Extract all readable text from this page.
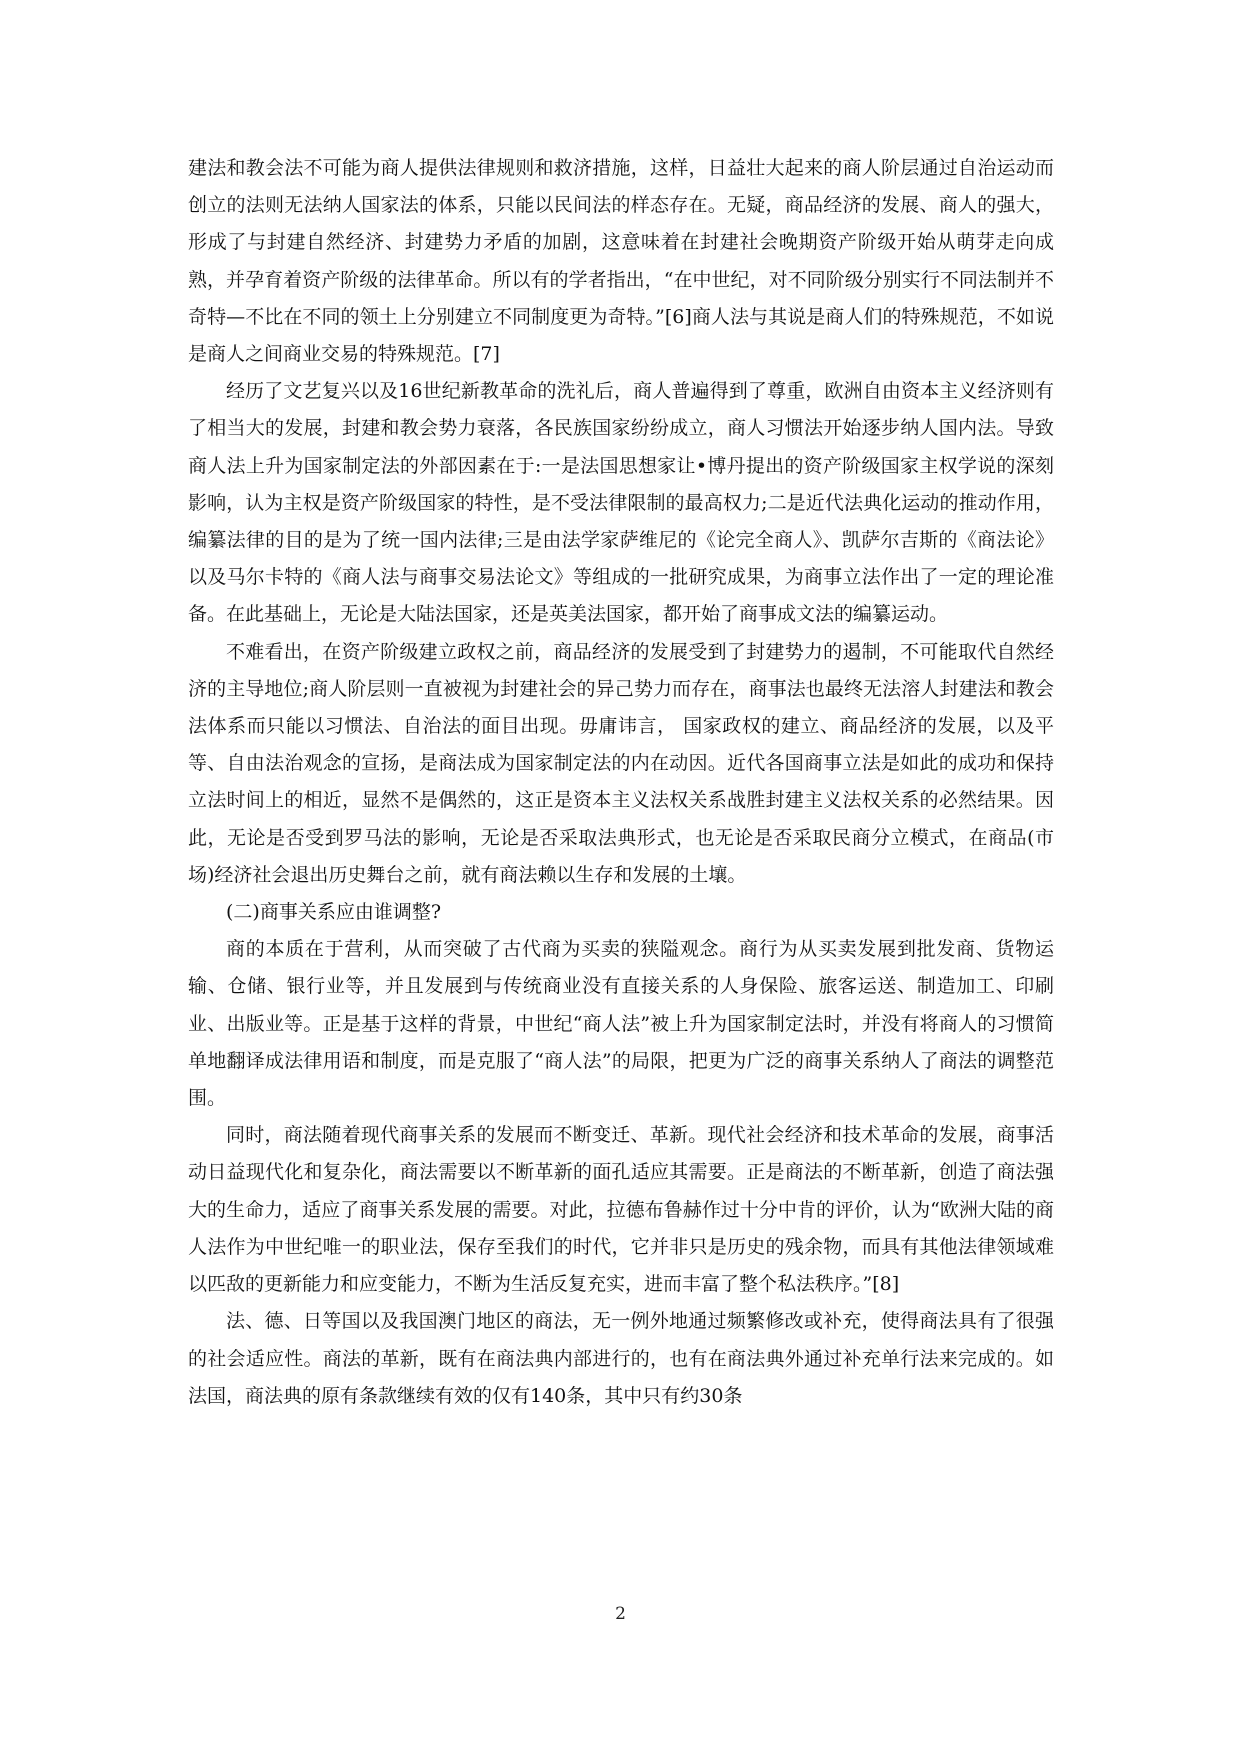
建法和教会法不可能为商人提供法律规则和救济措施，这样，日益壮大起来的商人阶层通过自治运动而创立的法则无法纳人国家法的体系，只能以民间法的样态存在。无疑，商品经济的发展、商人的强大，形成了与封建自然经济、封建势力矛盾的加剧，这意味着在封建社会晚期资产阶级开始从萌芽走向成熟，并孕育着资产阶级的法律革命。所以有的学者指出，“在中世纪，对不同阶级分别实行不同法制并不奇特—不比在不同的领土上分别建立不同制度更为奇特。”[6]商人法与其说是商人们的特殊规范，不如说是商人之间商业交易的特殊规范。[7]

经历了文艺复兴以及16世纪新教革命的洗礼后，商人普遍得到了尊重，欧洲自由资本主义经济则有了相当大的发展，封建和教会势力衰落，各民族国家纷纷成立，商人习惯法开始逐步纳人国内法。导致商人法上升为国家制定法的外部因素在于:一是法国思想家让•博丹提出的资产阶级国家主权学说的深刻影响，认为主权是资产阶级国家的特性，是不受法律限制的最高权力;二是近代法典化运动的推动作用，编纂法律的目的是为了统一国内法律;三是由法学家萨维尼的《论完全商人》、凯萨尔吉斯的《商法论》以及马尔卡特的《商人法与商事交易法论文》等组成的一批研究成果，为商事立法作出了一定的理论准备。在此基础上，无论是大陆法国家，还是英美法国家，都开始了商事成文法的编纂运动。

不难看出，在资产阶级建立政权之前，商品经济的发展受到了封建势力的遏制，不可能取代自然经济的主导地位;商人阶层则一直被视为封建社会的异己势力而存在，商事法也最终无法溶人封建法和教会法体系而只能以习惯法、自治法的面目出现。毋庸讳言， 国家政权的建立、商品经济的发展，以及平等、自由法治观念的宣扬，是商法成为国家制定法的内在动因。近代各国商事立法是如此的成功和保持立法时间上的相近，显然不是偶然的，这正是资本主义法权关系战胜封建主义法权关系的必然结果。因此，无论是否受到罗马法的影响，无论是否采取法典形式，也无论是否采取民商分立模式，在商品(市场)经济社会退出历史舞台之前，就有商法赖以生存和发展的土壤。

(二)商事关系应由谁调整?

商的本质在于营利，从而突破了古代商为买卖的狭隘观念。商行为从买卖发展到批发商、货物运输、仓储、银行业等，并且发展到与传统商业没有直接关系的人身保险、旅客运送、制造加工、印刷业、出版业等。正是基于这样的背景，中世纪“商人法”被上升为国家制定法时，并没有将商人的习惯简单地翻译成法律用语和制度，而是克服了“商人法”的局限，把更为广泛的商事关系纳人了商法的调整范围。

同时，商法随着现代商事关系的发展而不断变迁、革新。现代社会经济和技术革命的发展，商事活动日益现代化和复杂化，商法需要以不断革新的面孔适应其需要。正是商法的不断革新，创造了商法强大的生命力，适应了商事关系发展的需要。对此，拉德布鲁赫作过十分中肯的评价，认为“欧洲大陆的商人法作为中世纪唯一的职业法，保存至我们的时代，它并非只是历史的残余物，而具有其他法律领域难以匹敌的更新能力和应变能力，不断为生活反复充实，进而丰富了整个私法秩序。”[8]

法、德、日等国以及我国澳门地区的商法，无一例外地通过频繁修改或补充，使得商法具有了很强的社会适应性。商法的革新，既有在商法典内部进行的，也有在商法典外通过补充单行法来完成的。如法国，商法典的原有条款继续有效的仅有140条，其中只有约30条

2
